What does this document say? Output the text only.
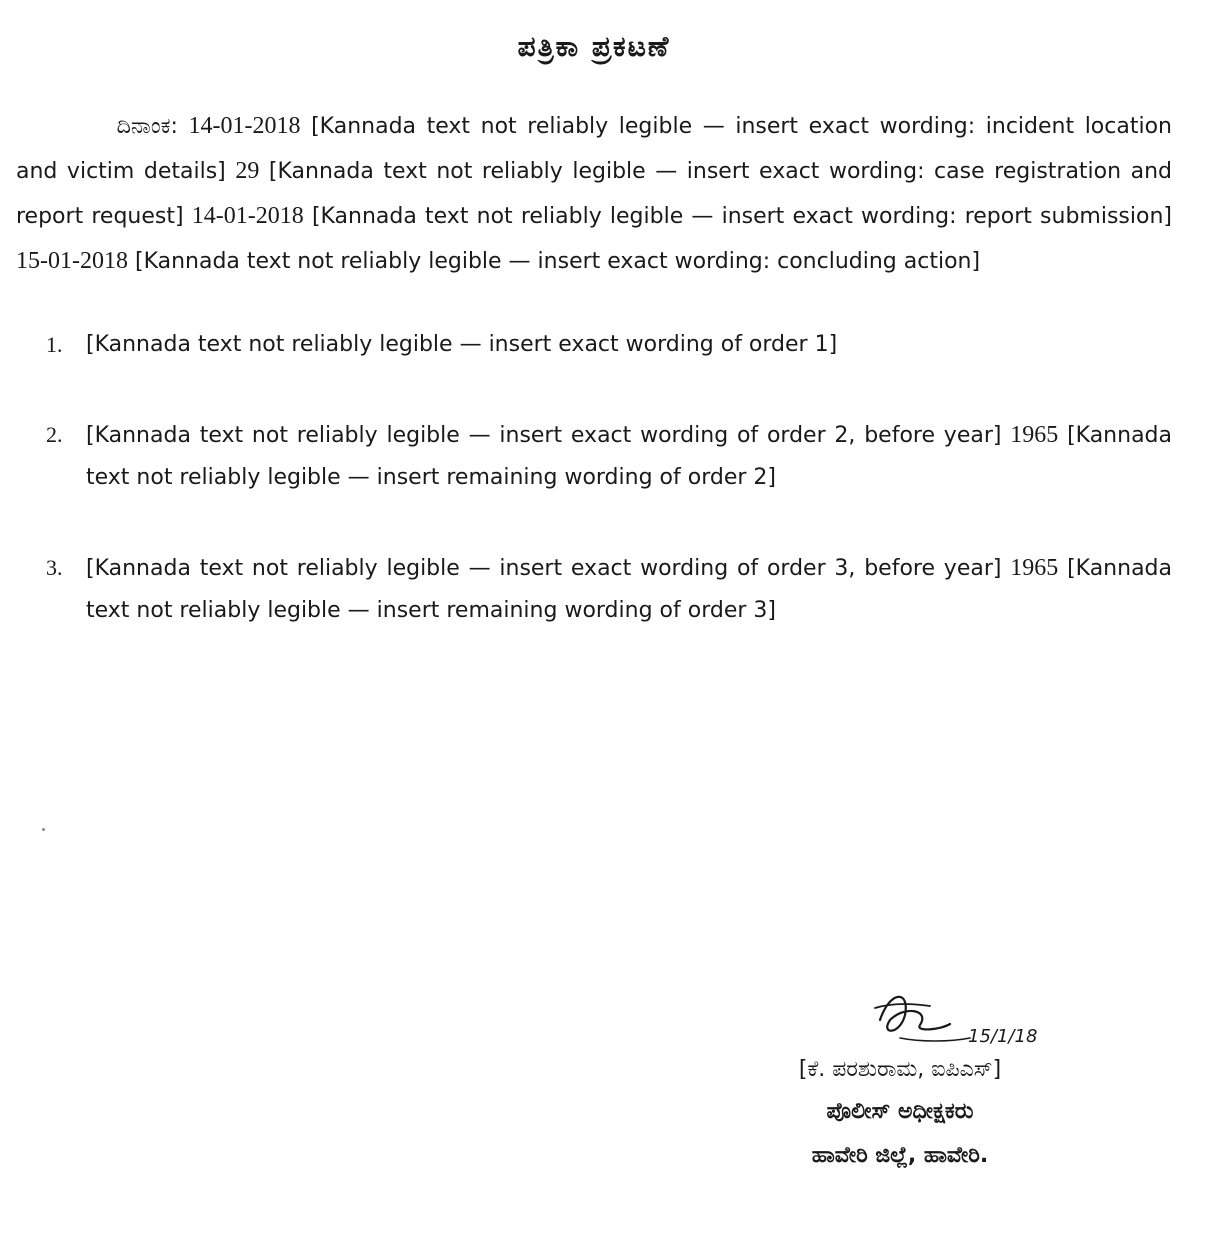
ಪತ್ರಿಕಾ ಪ್ರಕಟಣೆ

ದಿನಾಂಕ: 14-01-2018 [Kannada text not reliably legible — insert exact wording: incident location and victim details] 29 [Kannada text not reliably legible — insert exact wording: case registration and report request] 14-01-2018 [Kannada text not reliably legible — insert exact wording: report submission] 15-01-2018 [Kannada text not reliably legible — insert exact wording: concluding action]

1. [Kannada text not reliably legible — insert exact wording of order 1]
2. [Kannada text not reliably legible — insert exact wording of order 2, before year] 1965 [Kannada text not reliably legible — insert remaining wording of order 2]
3. [Kannada text not reliably legible — insert exact wording of order 3, before year] 1965 [Kannada text not reliably legible — insert remaining wording of order 3]
15/1/18
[ಕೆ. ಪರಶುರಾಮ, ಐಪಿಎಸ್]
ಪೊಲೀಸ್ ಅಧೀಕ್ಷಕರು
ಹಾವೇರಿ ಜಿಲ್ಲೆ, ಹಾವೇರಿ.
